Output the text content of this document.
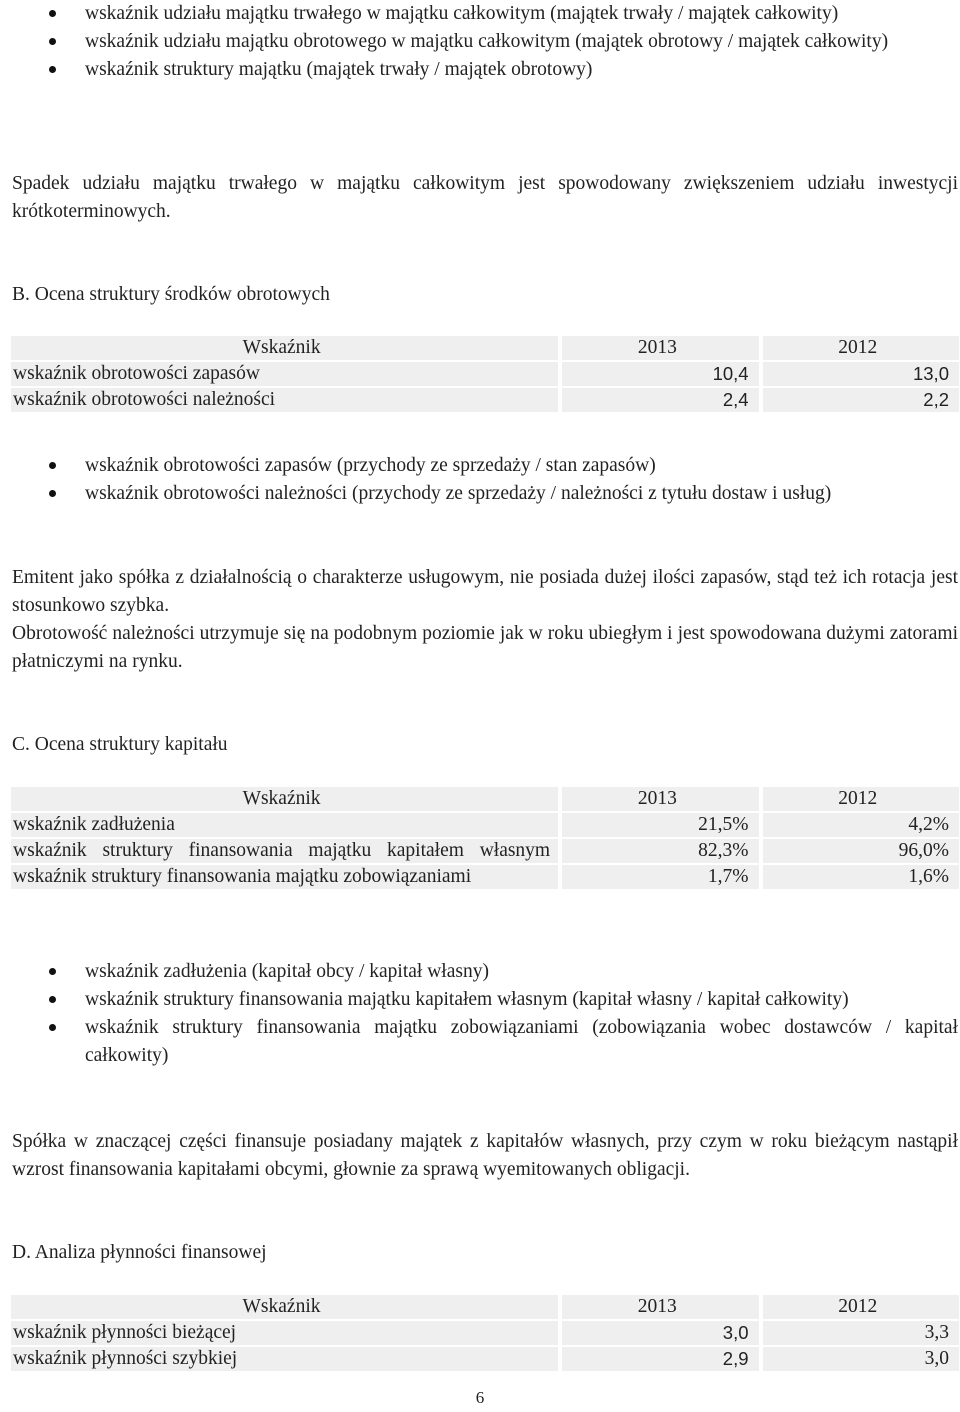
wskaźnik udziału majątku trwałego w majątku całkowitym (majątek trwały / majątek całkowity)
wskaźnik udziału majątku obrotowego w majątku całkowitym (majątek obrotowy / majątek całkowity)
wskaźnik struktury majątku (majątek trwały / majątek obrotowy)

Spadek udziału majątku trwałego w majątku całkowitym jest spowodowany zwiększeniem udziału inwestycji krótkoterminowych.

B. Ocena struktury środków obrotowych
Wskaźnik	2013	2012
wskaźnik obrotowości zapasów	10,4	13,0
wskaźnik obrotowości należności	2,4	2,2
wskaźnik obrotowości zapasów (przychody ze sprzedaży / stan zapasów)
wskaźnik obrotowości należności (przychody ze sprzedaży / należności z tytułu dostaw i usług)

Emitent jako spółka z działalnością o charakterze usługowym, nie posiada dużej ilości zapasów, stąd też ich rotacja jest stosunkowo szybka.

Obrotowość należności utrzymuje się na podobnym poziomie jak w roku ubiegłym i jest spowodowana dużymi zatorami płatniczymi na rynku.

C. Ocena struktury kapitału
Wskaźnik	2013	2012
wskaźnik zadłużenia	21,5%	4,2%
wskaźnik struktury finansowania majątku kapitałem własnym	82,3%	96,0%
wskaźnik struktury finansowania majątku zobowiązaniami	1,7%	1,6%
wskaźnik zadłużenia (kapitał obcy / kapitał własny)
wskaźnik struktury finansowania majątku kapitałem własnym (kapitał własny / kapitał całkowity)
wskaźnik struktury finansowania majątku zobowiązaniami (zobowiązania wobec dostawców / kapitał całkowity)

Spółka w znaczącej części finansuje posiadany majątek z kapitałów własnych, przy czym w roku bieżącym nastąpił wzrost finansowania kapitałami obcymi, głownie za sprawą wyemitowanych obligacji.

D. Analiza płynności finansowej
Wskaźnik	2013	2012
wskaźnik płynności bieżącej	3,0	3,3
wskaźnik płynności szybkiej	2,9	3,0
6
